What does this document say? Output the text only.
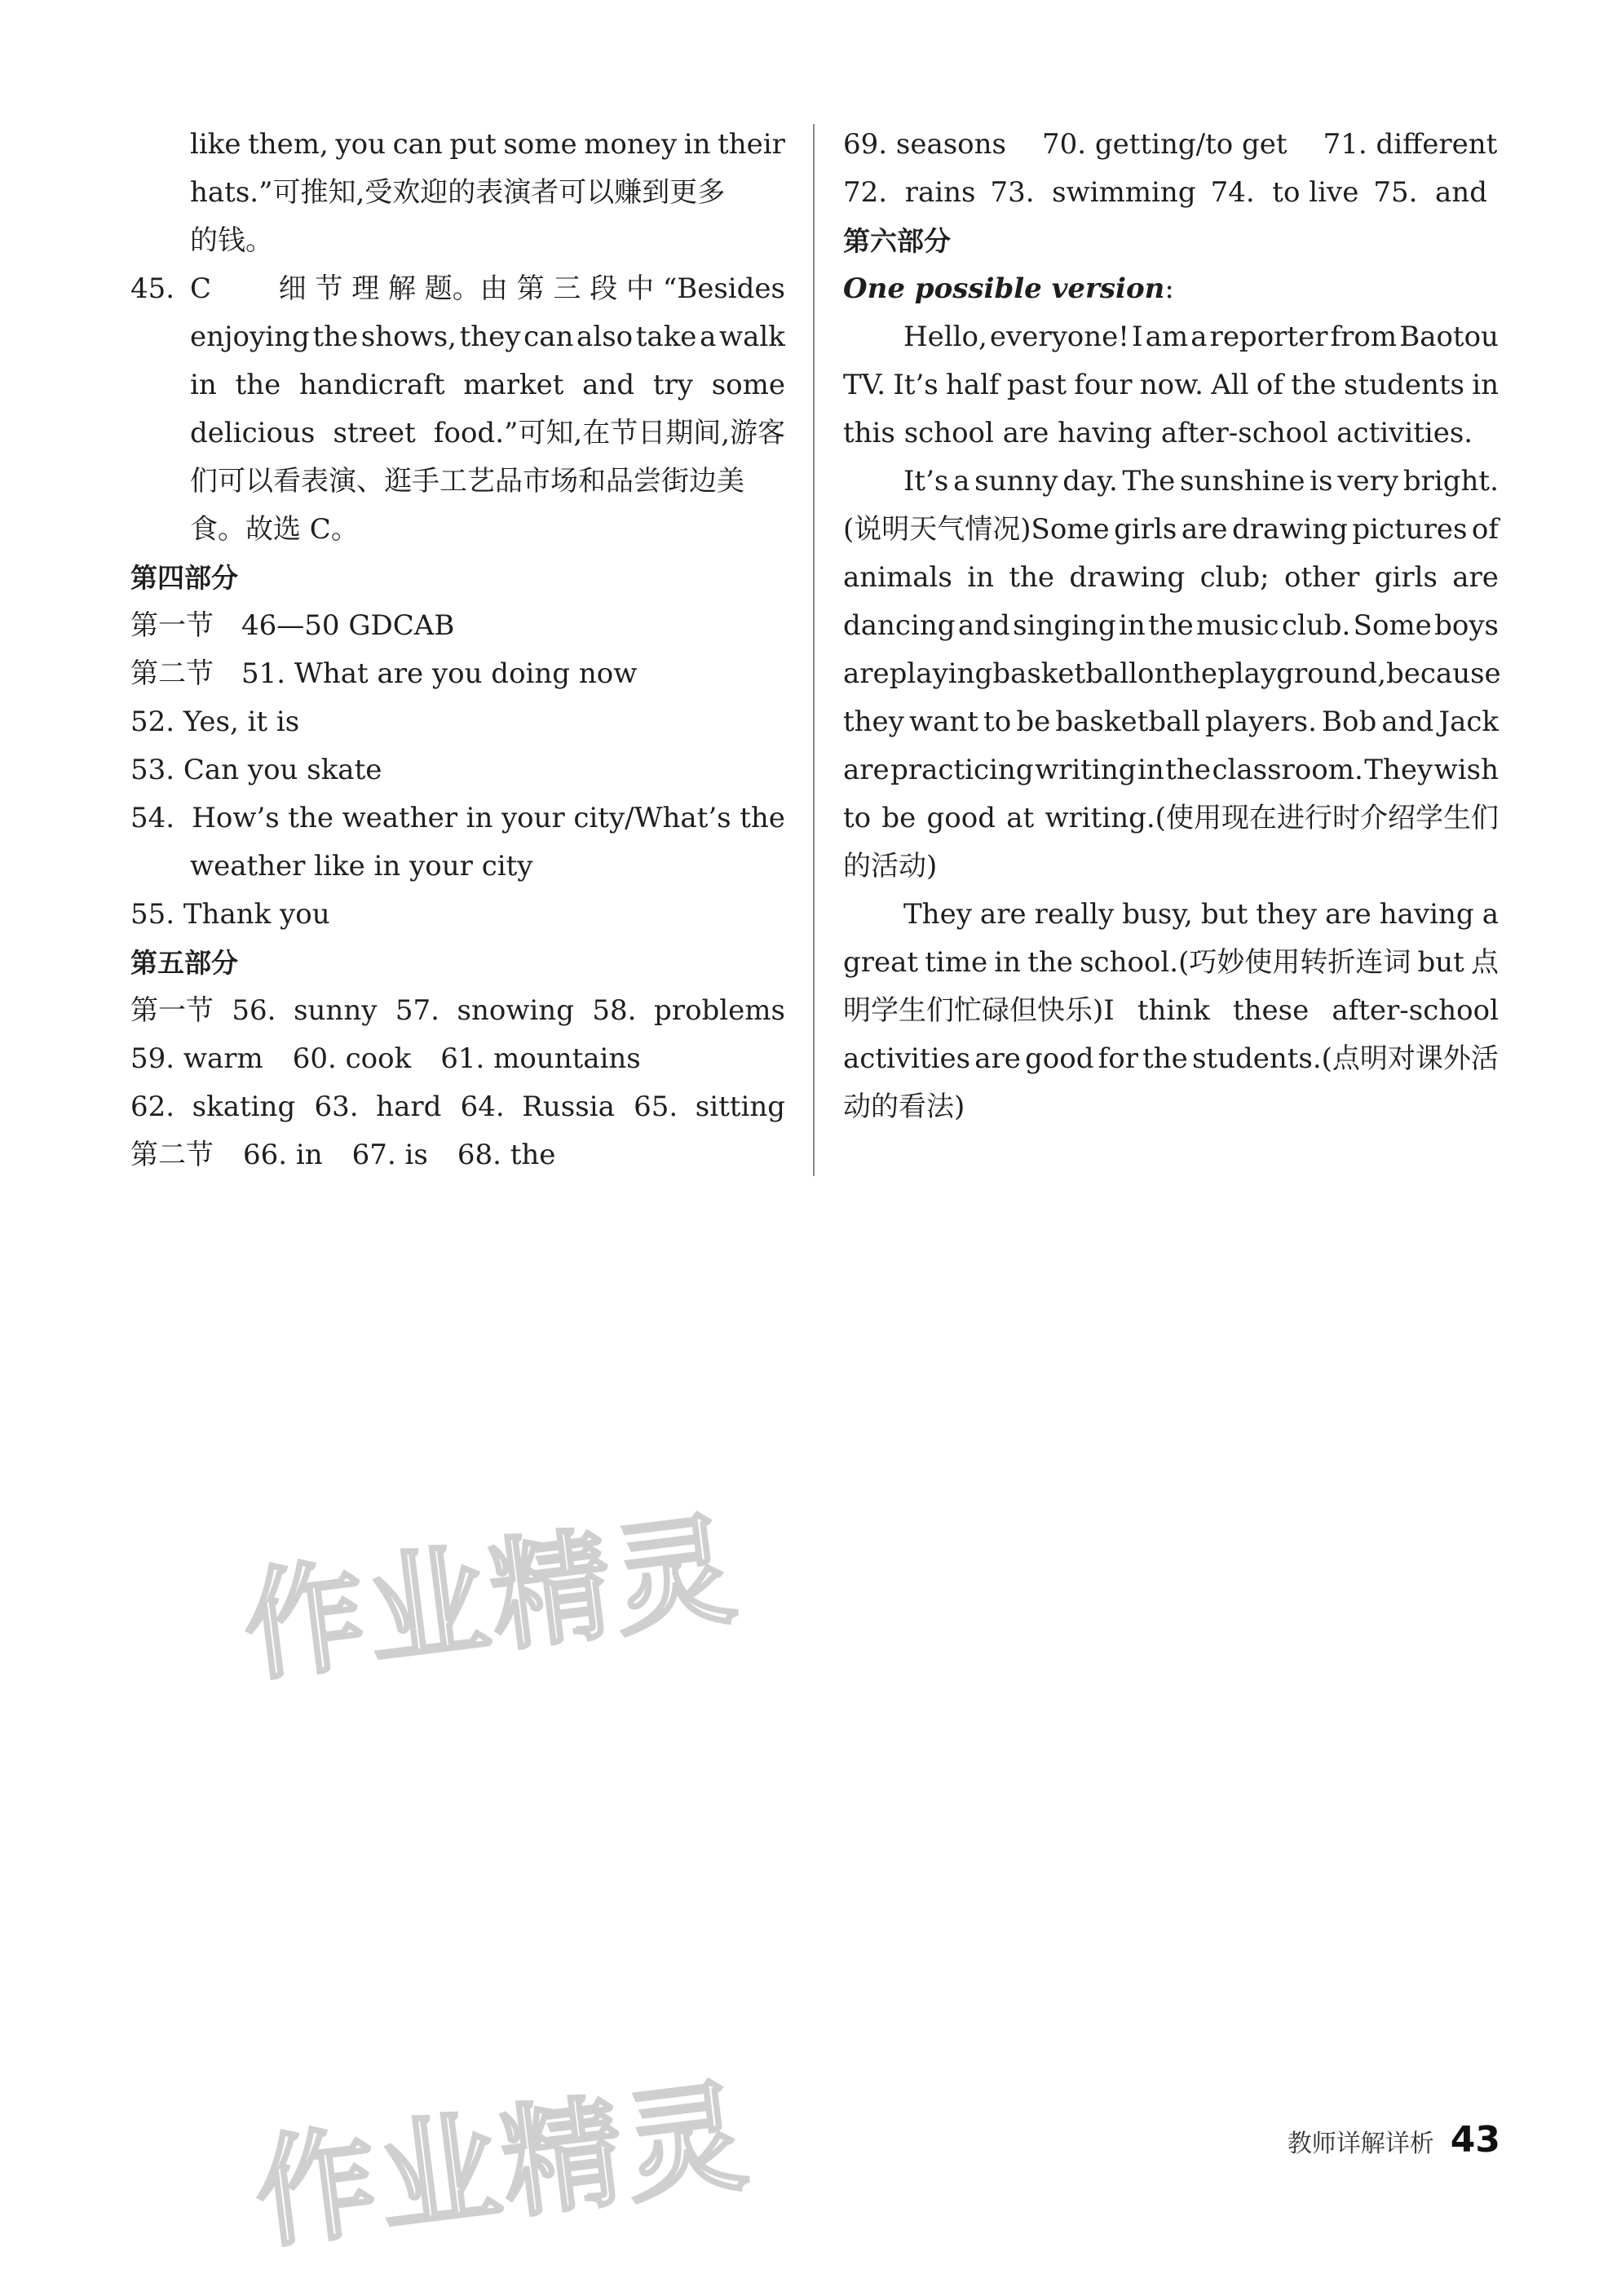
like them, you can put some money in their
hats.”可推知,受欢迎的表演者可以赚到更多
的钱。
45. C	细 节 理 解 题。由 第 三 段 中 “Besides
enjoying the shows, they can also take a walk
in the handicraft market and try some
delicious street food.”可知,在节日期间,游客
们可以看表演、逛手工艺品市场和品尝街边美
食。故选 C。
第四部分
第一节 46—50 GDCAB
第二节 51. What are you doing now
52. Yes, it is
53. Can you skate
54. How’s the weather in your city/What’s the
weather like in your city
55. Thank you
第五部分
第一节 56.  sunny 57.  snowing 58.  problems
59. warm 60. cook 61. mountains
62.  skating 63.  hard 64.  Russia 65.  sitting
第二节 66. in 67. is 68. the
69. seasons 70. getting/to get 71. different
72.  rains 73.  swimming 74.  to live 75.  and
第六部分
One possible version:
Hello, everyone! I am a reporter from Baotou
TV. It’s half past four now. All of the students in
this school are having after-school activities.
It’s a sunny day. The sunshine is very bright.
(说明天气情况)Some girls are drawing pictures of
animals in the drawing club; other girls are
dancing and singing in the music club. Some boys
are playing basketball on the playground, because
they want to be basketball players. Bob and Jack
are practicing writing in the classroom. They wish
to be good at writing.(使用现在进行时介绍学生们
的活动)
They are really busy, but they are having a
great time in the school.(巧妙使用转折连词 but 点
明学生们忙碌但快乐)I think these after-school
activities are good for the students.(点明对课外活
动的看法)
作业精灵
作业精灵	教师详解详析 43
